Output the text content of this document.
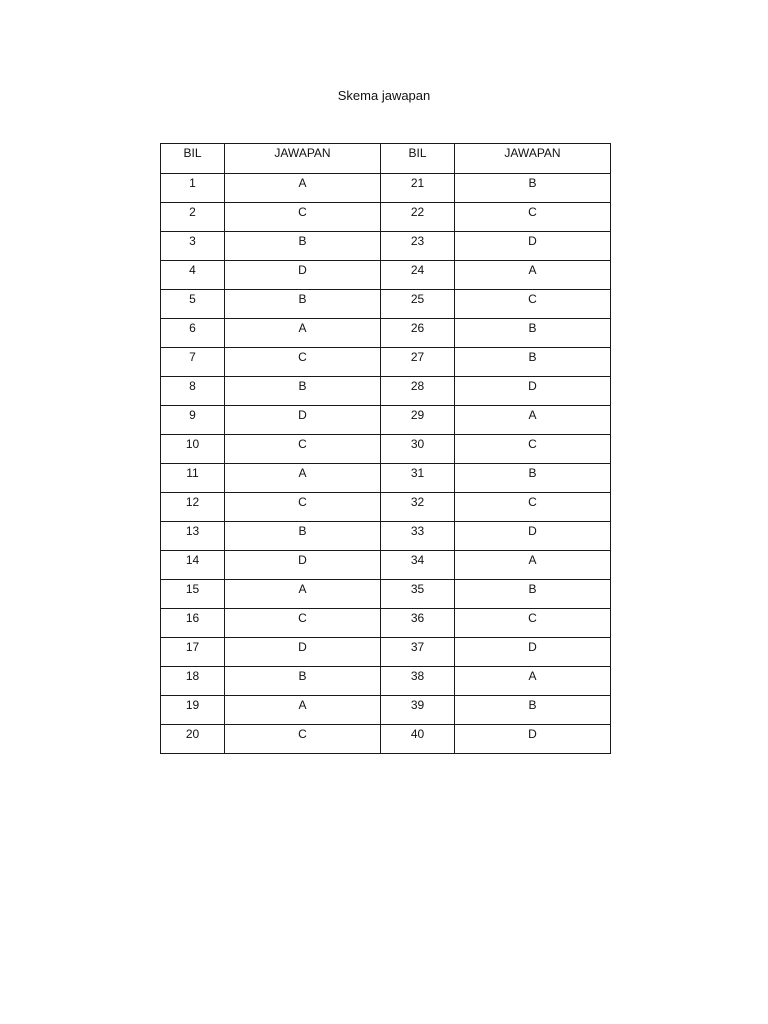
Skema jawapan
BIL	JAWAPAN	BIL	JAWAPAN

1	A	21	B

2	C	22	C

3	B	23	D

4	D	24	A

5	B	25	C

6	A	26	B

7	C	27	B

8	B	28	D

9	D	29	A

10	C	30	C

11	A	31	B

12	C	32	C

13	B	33	D

14	D	34	A

15	A	35	B

16	C	36	C

17	D	37	D

18	B	38	A

19	A	39	B

20	C	40	D
